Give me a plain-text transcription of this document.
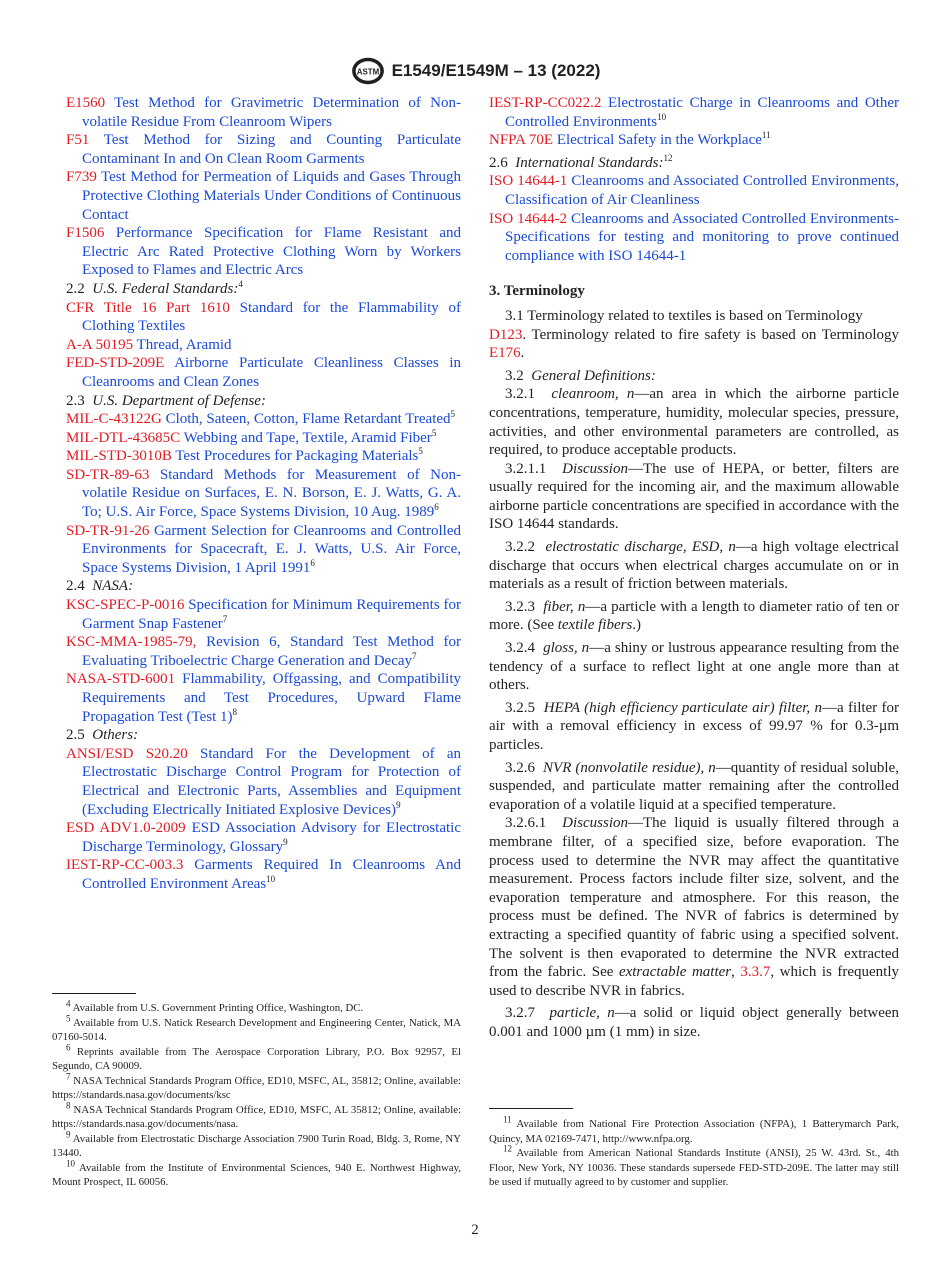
ASTM E1549/E1549M – 13 (2022)

E1560 Test Method for Gravimetric Determination of Non-volatile Residue From Cleanroom Wipers

F51 Test Method for Sizing and Counting Particulate Contaminant In and On Clean Room Garments

F739 Test Method for Permeation of Liquids and Gases Through Protective Clothing Materials Under Conditions of Continuous Contact

F1506 Performance Specification for Flame Resistant and Electric Arc Rated Protective Clothing Worn by Workers Exposed to Flames and Electric Arcs

2.2 U.S. Federal Standards:$^4$

CFR Title 16 Part 1610 Standard for the Flammability of Clothing Textiles

A-A 50195 Thread, Aramid

FED-STD-209E Airborne Particulate Cleanliness Classes in Cleanrooms and Clean Zones

2.3 U.S. Department of Defense:

MIL-C-43122G Cloth, Sateen, Cotton, Flame Retardant Treated$^5$

MIL-DTL-43685C Webbing and Tape, Textile, Aramid Fiber$^5$

MIL-STD-3010B Test Procedures for Packaging Materials$^5$

SD-TR-89-63 Standard Methods for Measurement of Non-volatile Residue on Surfaces, E. N. Borson, E. J. Watts, G. A. To; U.S. Air Force, Space Systems Division, 10 Aug. 1989$^6$

SD-TR-91-26 Garment Selection for Cleanrooms and Controlled Environments for Spacecraft, E. J. Watts, U.S. Air Force, Space Systems Division, 1 April 1991$^6$

2.4 NASA:

KSC-SPEC-P-0016 Specification for Minimum Requirements for Garment Snap Fastener$^7$

KSC-MMA-1985-79, Revision 6, Standard Test Method for Evaluating Triboelectric Charge Generation and Decay$^7$

NASA-STD-6001 Flammability, Offgassing, and Compatibility Requirements and Test Procedures, Upward Flame Propagation Test (Test 1)$^8$

2.5 Others:

ANSI/ESD S20.20 Standard For the Development of an Electrostatic Discharge Control Program for Protection of Electrical and Electronic Parts, Assemblies and Equipment (Excluding Electrically Initiated Explosive Devices)$^9$

ESD ADV1.0-2009 ESD Association Advisory for Electrostatic Discharge Terminology, Glossary$^9$

IEST-RP-CC-003.3 Garments Required In Cleanrooms And Controlled Environment Areas$^{10}$

IEST-RP-CC022.2 Electrostatic Charge in Cleanrooms and Other Controlled Environments$^{10}$

NFPA 70E Electrical Safety in the Workplace$^{11}$

2.6 International Standards:$^{12}$

ISO 14644-1 Cleanrooms and Associated Controlled Environments, Classification of Air Cleanliness

ISO 14644-2 Cleanrooms and Associated Controlled Environments-Specifications for testing and monitoring to prove continued compliance with ISO 14644-1

3. Terminology

3.1 Terminology related to textiles is based on Terminology
D123. Terminology related to fire safety is based on Terminology E176.

3.2 General Definitions:

3.2.1 cleanroom, n—an area in which the airborne particle concentrations, temperature, humidity, molecular species, pressure, activities, and other environmental parameters are controlled, as required, to produce acceptable products.

3.2.1.1 Discussion—The use of HEPA, or better, filters are usually required for the incoming air, and the maximum allowable airborne particle concentrations are specified in accordance with the ISO 14644 standards.

3.2.2 electrostatic discharge, ESD, n—a high voltage electrical discharge that occurs when electrical charges accumulate on or in materials as a result of friction between materials.

3.2.3 fiber, n—a particle with a length to diameter ratio of ten or more. (See textile fibers.)

3.2.4 gloss, n—a shiny or lustrous appearance resulting from the tendency of a surface to reflect light at one angle more than at others.

3.2.5 HEPA (high efficiency particulate air) filter, n—a filter for air with a removal efficiency in excess of 99.97 % for 0.3-µm particles.

3.2.6 NVR (nonvolatile residue), n—quantity of residual soluble, suspended, and particulate matter remaining after the controlled evaporation of a volatile liquid at a specified temperature.

3.2.6.1 Discussion—The liquid is usually filtered through a membrane filter, of a specified size, before evaporation. The process used to determine the NVR may affect the quantitative measurement. Process factors include filter size, solvent, and the evaporation temperature and atmosphere. For this reason, the process must be defined. The NVR of fabrics is determined by extracting a specified quantity of fabric using a specified solvent. The solvent is then evaporated to determine the NVR extracted from the fabric. See extractable matter, 3.3.7, which is frequently used to describe NVR in fabrics.

3.2.7 particle, n—a solid or liquid object generally between 0.001 and 1000 µm (1 mm) in size.

$^4$ Available from U.S. Government Printing Office, Washington, DC.

$^5$ Available from U.S. Natick Research Development and Engineering Center, Natick, MA 07160-5014.

$^6$ Reprints available from The Aerospace Corporation Library, P.O. Box 92957, El Segundo, CA 90009.

$^7$ NASA Technical Standards Program Office, ED10, MSFC, AL, 35812; Online, available: https://standards.nasa.gov/documents/ksc

$^8$ NASA Technical Standards Program Office, ED10, MSFC, AL 35812; Online, available: https://standards.nasa.gov/documents/nasa.

$^9$ Available from Electrostatic Discharge Association 7900 Turin Road, Bldg. 3, Rome, NY 13440.

$^{10}$ Available from the Institute of Environmental Sciences, 940 E. Northwest Highway, Mount Prospect, IL 60056.

$^{11}$ Available from National Fire Protection Association (NFPA), 1 Batterymarch Park, Quincy, MA 02169-7471, http://www.nfpa.org.

$^{12}$ Available from American National Standards Institute (ANSI), 25 W. 43rd. St., 4th Floor, New York, NY 10036. These standards supersede FED-STD-209E. The latter may still be used if mutually agreed to by customer and supplier.

2
